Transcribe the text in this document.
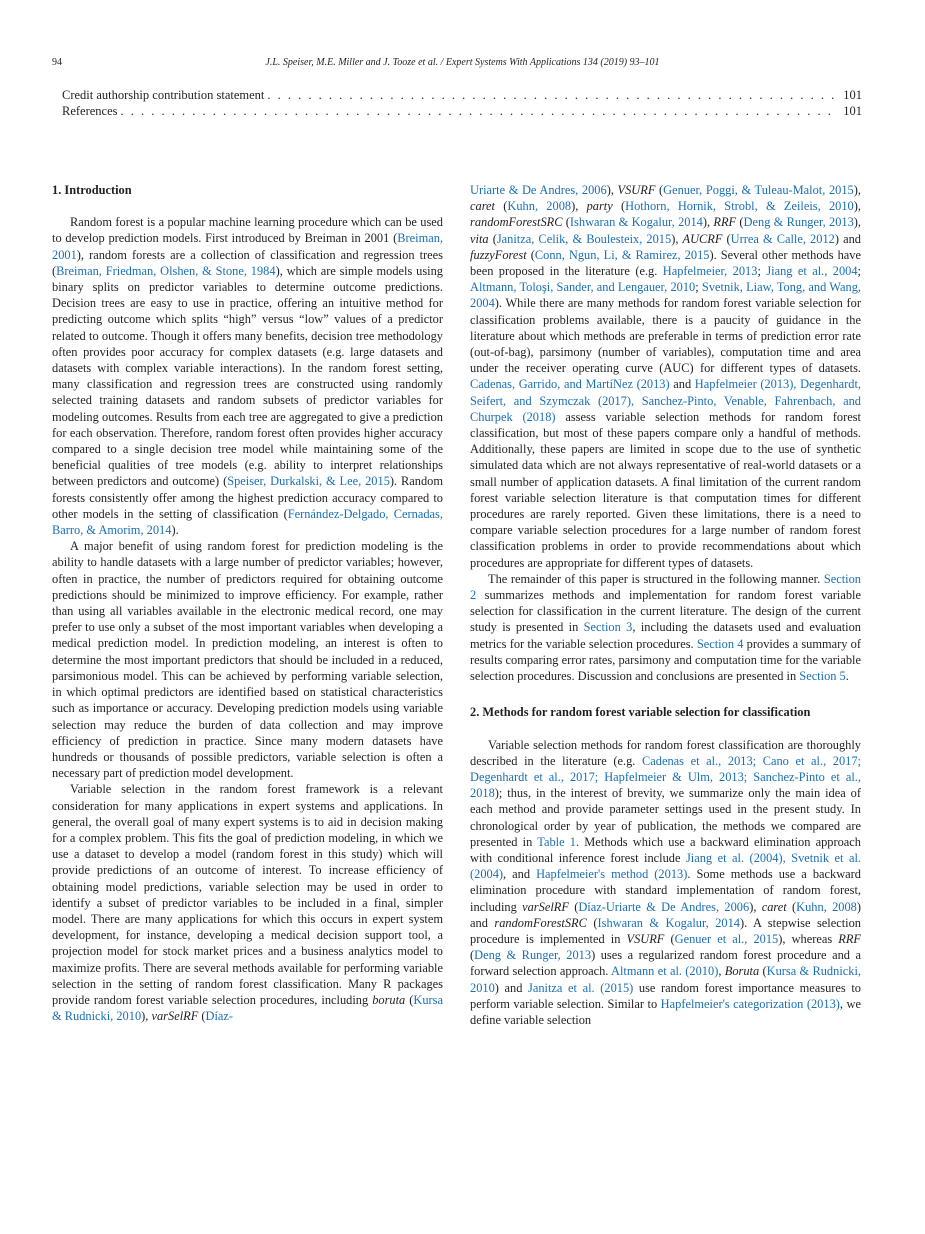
94	J.L. Speiser, M.E. Miller and J. Tooze et al. / Expert Systems With Applications 134 (2019) 93–101
Credit authorship contribution statement . . .	101
References . . .	101
1. Introduction

Random forest is a popular machine learning procedure which can be used to develop prediction models. First introduced by Breiman in 2001 (Breiman, 2001), random forests are a collection of classification and regression trees (Breiman, Friedman, Olshen, & Stone, 1984), which are simple models using binary splits on predictor variables to determine outcome predictions. Decision trees are easy to use in practice, offering an intuitive method for predicting outcome which splits “high” versus “low” values of a predictor related to outcome. Though it offers many benefits, decision tree methodology often provides poor accuracy for complex datasets (e.g. large datasets and datasets with complex variable interactions). In the random forest setting, many classification and regression trees are constructed using randomly selected training datasets and random subsets of predictor variables for modeling outcomes. Results from each tree are aggregated to give a prediction for each observation. Therefore, random forest often provides higher accuracy compared to a single decision tree model while maintaining some of the beneficial qualities of tree models (e.g. ability to interpret relationships between predictors and outcome) (Speiser, Durkalski, & Lee, 2015). Random forests consistently offer among the highest prediction accuracy compared to other models in the setting of classification (Fernández-Delgado, Cernadas, Barro, & Amorim, 2014).

A major benefit of using random forest for prediction modeling is the ability to handle datasets with a large number of predictor variables; however, often in practice, the number of predictors required for obtaining outcome predictions should be minimized to improve efficiency. For example, rather than using all variables available in the electronic medical record, one may prefer to use only a subset of the most important variables when developing a medical prediction model. In prediction modeling, an interest is often to determine the most important predictors that should be included in a reduced, parsimonious model. This can be achieved by performing variable selection, in which optimal predictors are identified based on statistical characteristics such as importance or accuracy. Developing prediction models using variable selection may reduce the burden of data collection and may improve efficiency of prediction in practice. Since many modern datasets have hundreds or thousands of possible predictors, variable selection is often a necessary part of prediction model development.

Variable selection in the random forest framework is a relevant consideration for many applications in expert systems and applications. In general, the overall goal of many expert systems is to aid in decision making for a complex problem. This fits the goal of prediction modeling, in which we use a dataset to develop a model (random forest in this study) which will provide predictions of an outcome of interest. To increase efficiency of obtaining model predictions, variable selection may be used in order to identify a subset of predictor variables to be included in a final, simpler model. There are many applications for which this occurs in expert system development, for instance, developing a medical decision support tool, a projection model for stock market prices and a business analytics model to maximize profits. There are several methods available for performing variable selection in the setting of random forest classification. Many R packages provide random forest variable selection procedures, including boruta (Kursa & Rudnicki, 2010), varSelRF (Díaz-

Uriarte & De Andres, 2006), VSURF (Genuer, Poggi, & Tuleau-Malot, 2015), caret (Kuhn, 2008), party (Hothorn, Hornik, Strobl, & Zeileis, 2010), randomForestSRC (Ishwaran & Kogalur, 2014), RRF (Deng & Runger, 2013), vita (Janitza, Celik, & Boulesteix, 2015), AUCRF (Urrea & Calle, 2012) and fuzzyForest (Conn, Ngun, Li, & Ramirez, 2015). Several other methods have been proposed in the literature (e.g. Hapfelmeier, 2013; Jiang et al., 2004; Altmann, Toloşi, Sander, and Lengauer, 2010; Svetnik, Liaw, Tong, and Wang, 2004). While there are many methods for random forest variable selection for classification problems available, there is a paucity of guidance in the literature about which methods are preferable in terms of prediction error rate (out-of-bag), parsimony (number of variables), computation time and area under the receiver operating curve (AUC) for different types of datasets. Cadenas, Garrido, and MartíNez (2013) and Hapfelmeier (2013), Degenhardt, Seifert, and Szymczak (2017), Sanchez-Pinto, Venable, Fahrenbach, and Churpek (2018) assess variable selection methods for random forest classification, but most of these papers compare only a handful of methods. Additionally, these papers are limited in scope due to the use of synthetic simulated data which are not always representative of real-world datasets or a small number of application datasets. A final limitation of the current random forest variable selection literature is that computation times for different procedures are rarely reported. Given these limitations, there is a need to compare variable selection procedures for a large number of random forest classification problems in order to provide recommendations about which procedures are appropriate for different types of datasets.

The remainder of this paper is structured in the following manner. Section 2 summarizes methods and implementation for random forest variable selection for classification in the current literature. The design of the current study is presented in Section 3, including the datasets used and evaluation metrics for the variable selection procedures. Section 4 provides a summary of results comparing error rates, parsimony and computation time for the variable selection procedures. Discussion and conclusions are presented in Section 5.

2. Methods for random forest variable selection for classification

Variable selection methods for random forest classification are thoroughly described in the literature (e.g. Cadenas et al., 2013; Cano et al., 2017; Degenhardt et al., 2017; Hapfelmeier & Ulm, 2013; Sanchez-Pinto et al., 2018); thus, in the interest of brevity, we summarize only the main idea of each method and provide parameter settings used in the present study. In chronological order by year of publication, the methods we compared are presented in Table 1. Methods which use a backward elimination approach with conditional inference forest include Jiang et al. (2004), Svetnik et al. (2004), and Hapfelmeier's method (2013). Some methods use a backward elimination procedure with standard implementation of random forest, including varSelRF (Díaz-Uriarte & De Andres, 2006), caret (Kuhn, 2008) and randomForestSRC (Ishwaran & Kogalur, 2014). A stepwise selection procedure is implemented in VSURF (Genuer et al., 2015), whereas RRF (Deng & Runger, 2013) uses a regularized random forest procedure and a forward selection approach. Altmann et al. (2010), Boruta (Kursa & Rudnicki, 2010) and Janitza et al. (2015) use random forest importance measures to perform variable selection. Similar to Hapfelmeier's categorization (2013), we define variable selection
